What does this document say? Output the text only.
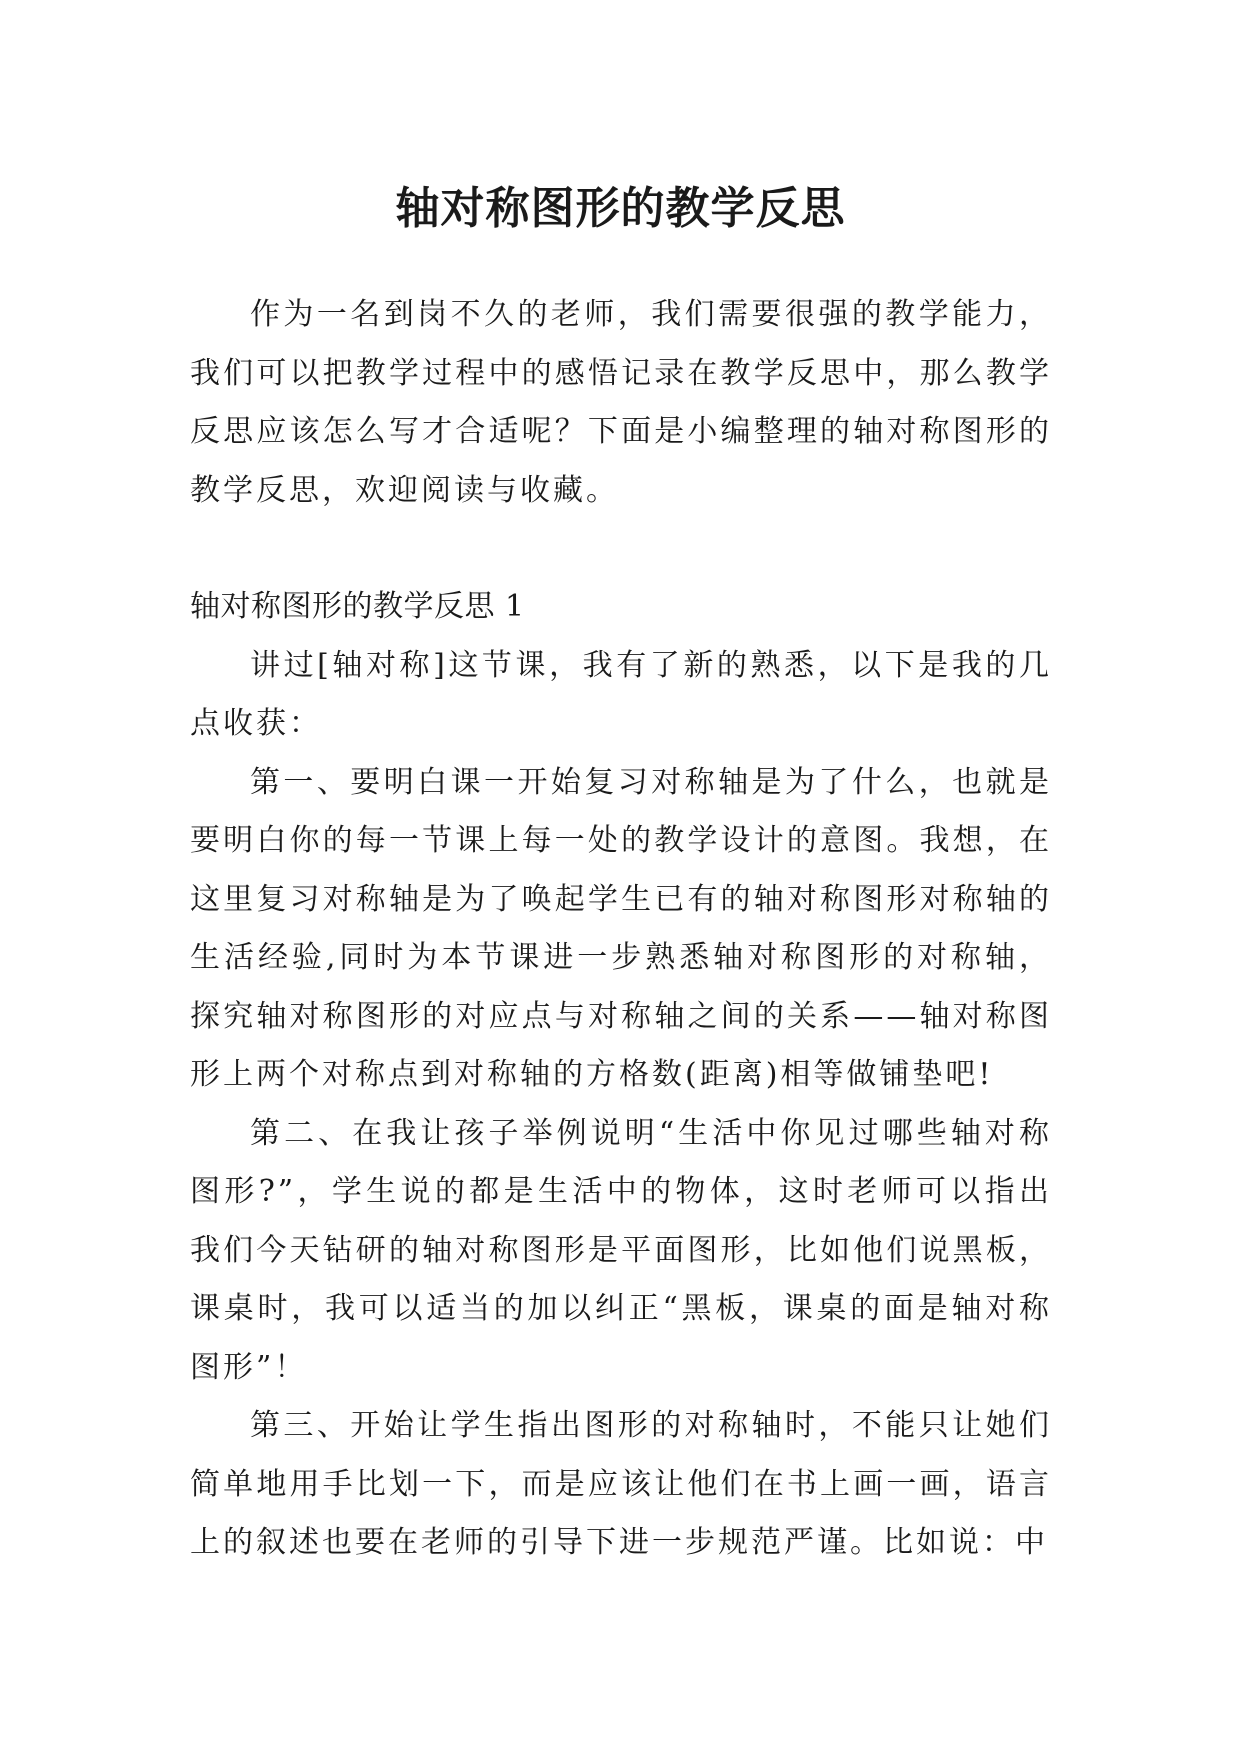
轴对称图形的教学反思

作为一名到岗不久的老师，我们需要很强的教学能力，我们可以把教学过程中的感悟记录在教学反思中，那么教学反思应该怎么写才合适呢？下面是小编整理的轴对称图形的教学反思，欢迎阅读与收藏。

轴对称图形的教学反思 1

讲过[轴对称]这节课，我有了新的熟悉，以下是我的几点收获：

第一、要明白课一开始复习对称轴是为了什么，也就是要明白你的每一节课上每一处的教学设计的意图。我想，在这里复习对称轴是为了唤起学生已有的轴对称图形对称轴的生活经验,同时为本节课进一步熟悉轴对称图形的对称轴，探究轴对称图形的对应点与对称轴之间的关系——轴对称图形上两个对称点到对称轴的方格数(距离)相等做铺垫吧!

第二、在我让孩子举例说明“生活中你见过哪些轴对称图形?”，学生说的都是生活中的物体，这时老师可以指出我们今天钻研的轴对称图形是平面图形，比如他们说黑板，课桌时，我可以适当的加以纠正“黑板，课桌的面是轴对称图形”！

第三、开始让学生指出图形的对称轴时，不能只让她们简单地用手比划一下，而是应该让他们在书上画一画，语言上的叙述也要在老师的引导下进一步规范严谨。比如说：中
